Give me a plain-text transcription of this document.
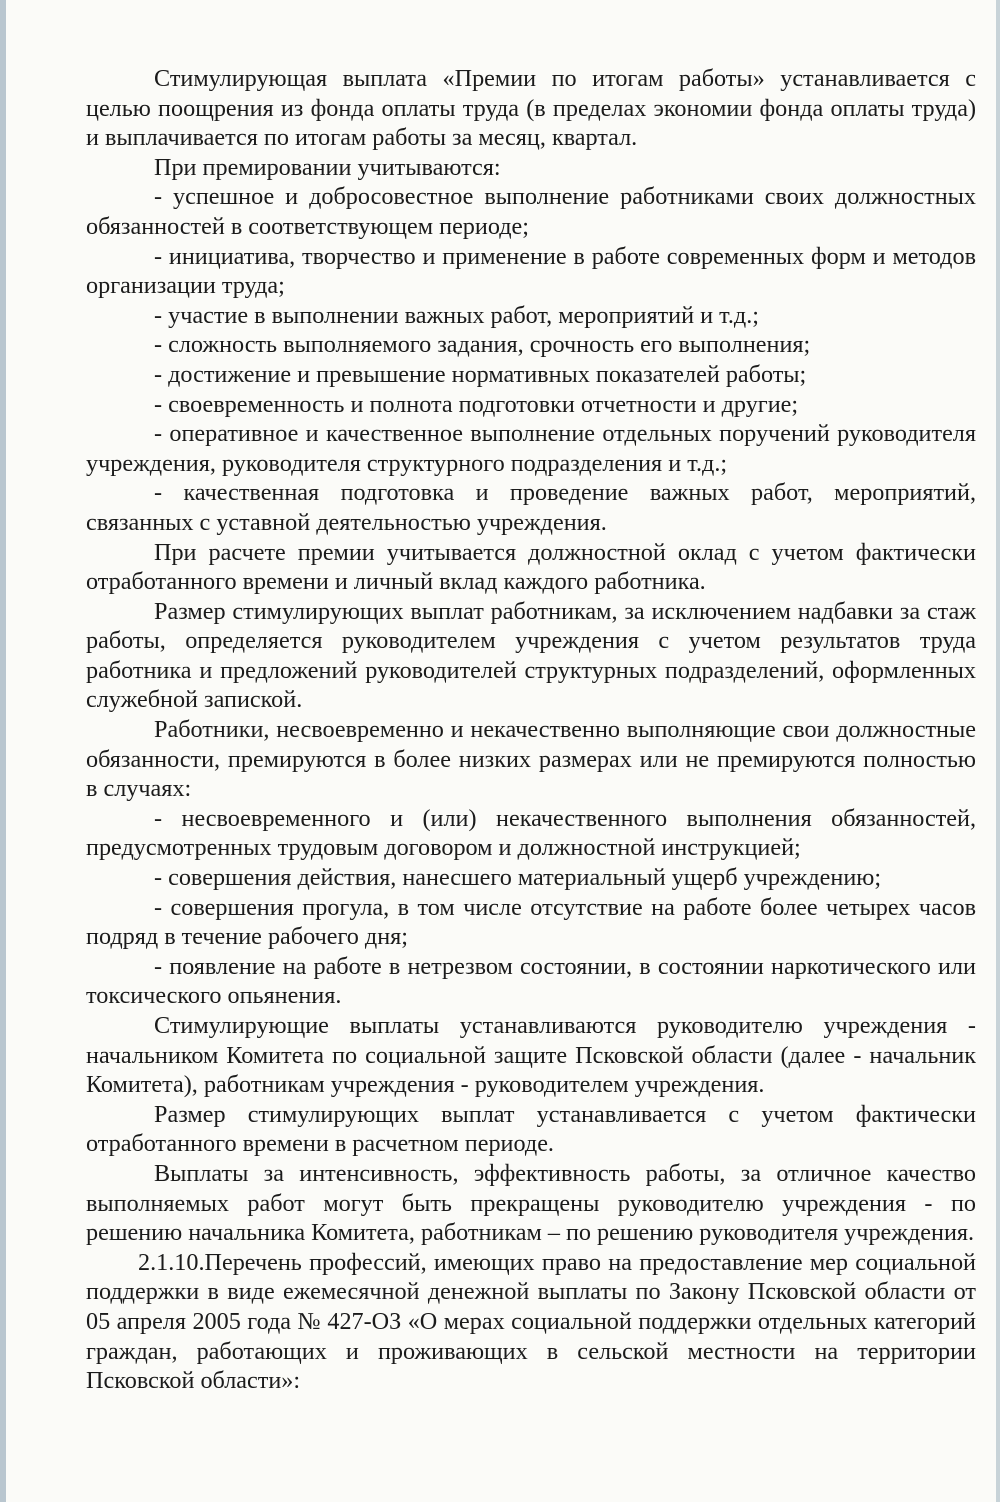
Стимулирующая выплата «Премии по итогам работы» устанавливается с целью поощрения из фонда оплаты труда (в пределах экономии фонда оплаты труда) и выплачивается по итогам работы за месяц, квартал.

При премировании учитываются:

- успешное и добросовестное выполнение работниками своих должностных обязанностей в соответствующем периоде;

- инициатива, творчество и применение в работе современных форм и методов организации труда;

- участие в выполнении важных работ, мероприятий и т.д.;

- сложность выполняемого задания, срочность его выполнения;

- достижение и превышение нормативных показателей работы;

- своевременность и полнота подготовки отчетности и другие;

- оперативное и качественное выполнение отдельных поручений руководителя учреждения, руководителя структурного подразделения и т.д.;

- качественная подготовка и проведение важных работ, мероприятий, связанных с уставной деятельностью учреждения.

При расчете премии учитывается должностной оклад с учетом фактически отработанного времени и личный вклад каждого работника.

Размер стимулирующих выплат работникам, за исключением надбавки за стаж работы, определяется руководителем учреждения с учетом результатов труда работника и предложений руководителей структурных подразделений, оформленных служебной запиской.

Работники, несвоевременно и некачественно выполняющие свои должностные обязанности, премируются в более низких размерах или не премируются полностью в случаях:

- несвоевременного и (или) некачественного выполнения обязанностей, предусмотренных трудовым договором и должностной инструкцией;

- совершения действия, нанесшего материальный ущерб учреждению;

- совершения прогула, в том числе отсутствие на работе более четырех часов подряд в течение рабочего дня;

- появление на работе в нетрезвом состоянии, в состоянии наркотического или токсического опьянения.

Стимулирующие выплаты устанавливаются руководителю учреждения - начальником Комитета по социальной защите Псковской области (далее - начальник Комитета), работникам учреждения - руководителем учреждения.

Размер стимулирующих выплат устанавливается с учетом фактически отработанного времени в расчетном периоде.

Выплаты за интенсивность, эффективность работы, за отличное качество выполняемых работ могут быть прекращены руководителю учреждения - по решению начальника Комитета, работникам – по решению руководителя учреждения.

2.1.10.Перечень профессий, имеющих право на предоставление мер социальной поддержки в виде ежемесячной денежной выплаты по Закону Псковской области от 05 апреля 2005 года № 427-ОЗ «О мерах социальной поддержки отдельных категорий граждан, работающих и проживающих в сельской местности на территории Псковской области»:
